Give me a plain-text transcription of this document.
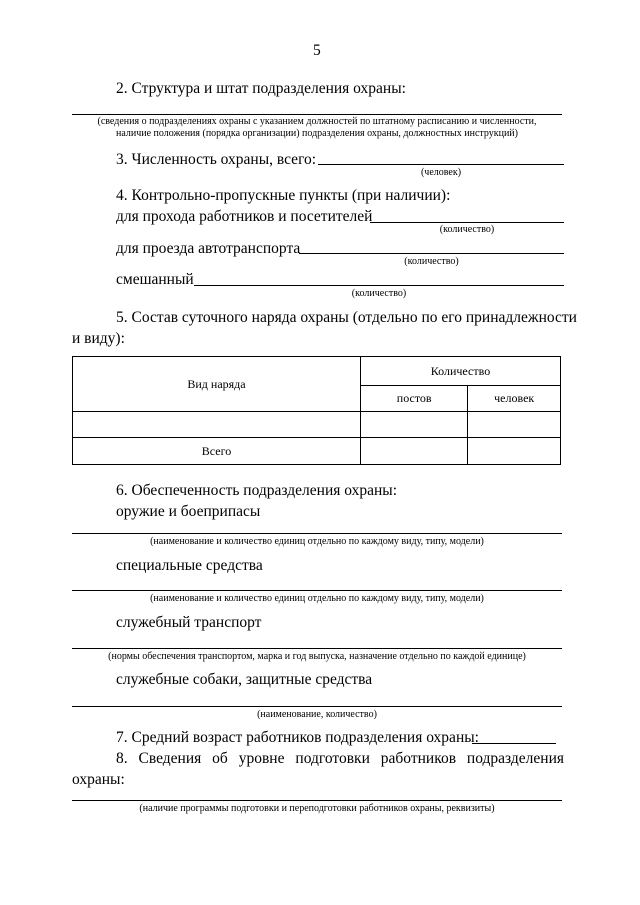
5
2. Структура и штат подразделения охраны:
(сведения о подразделениях охраны с указанием должностей по штатному расписанию и численности,
наличие положения (порядка организации) подразделения охраны, должностных инструкций)
3. Численность охраны, всего:
(человек)
4. Контрольно-пропускные пункты (при наличии):
для прохода работников и посетителей
(количество)
для проезда автотранспорта
(количество)
смешанный
(количество)
5. Состав суточного наряда охраны (отдельно по его принадлежности
и виду):
Вид наряда	Количество	
	постов	человек

Всего		
6. Обеспеченность подразделения охраны:
оружие и боеприпасы
(наименование и количество единиц отдельно по каждому виду, типу, модели)
специальные средства
(наименование и количество единиц отдельно по каждому виду, типу, модели)
служебный транспорт
(нормы обеспечения транспортом, марка и год выпуска, назначение отдельно по каждой единице)
служебные собаки, защитные средства
(наименование, количество)
7. Средний возраст работников подразделения охраны:
8. Сведения об уровне подготовки работников подразделения
охраны:
(наличие программы подготовки и переподготовки работников охраны, реквизиты)
